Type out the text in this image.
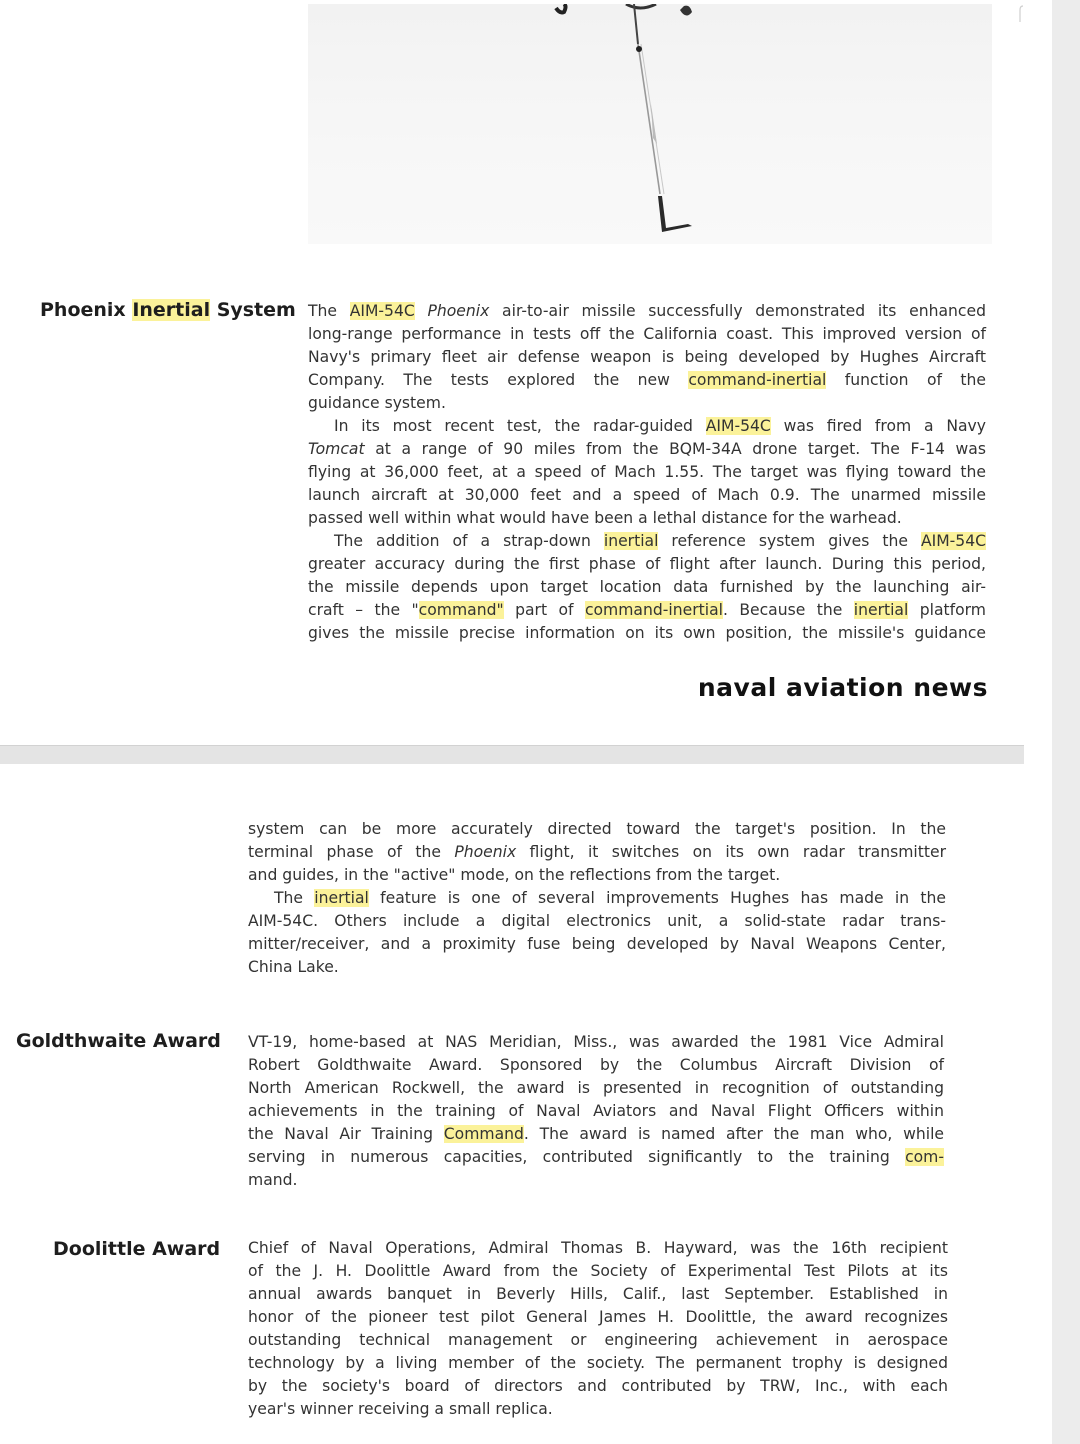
Phoenix Inertial System The AIM-54C Phoenix air-to-air missile successfully demonstrated its enhanced
long-range performance in tests off the California coast. This improved version of
Navy's primary fleet air defense weapon is being developed by Hughes Aircraft
Company. The tests explored the new command-inertial function of the
guidance system.
In its most recent test, the radar-guided AIM-54C was fired from a Navy
Tomcat at a range of 90 miles from the BQM-34A drone target. The F-14 was
flying at 36,000 feet, at a speed of Mach 1.55. The target was flying toward the
launch aircraft at 30,000 feet and a speed of Mach 0.9. The unarmed missile
passed well within what would have been a lethal distance for the warhead.
The addition of a strap-down inertial reference system gives the AIM-54C
greater accuracy during the first phase of flight after launch. During this period,
the missile depends upon target location data furnished by the launching air-
craft – the "command" part of command-inertial. Because the inertial platform
gives the missile precise information on its own position, the missile's guidance
naval aviation news
system can be more accurately directed toward the target's position. In the
terminal phase of the Phoenix flight, it switches on its own radar transmitter
and guides, in the "active" mode, on the reflections from the target.
The inertial feature is one of several improvements Hughes has made in the
AIM-54C. Others include a digital electronics unit, a solid-state radar trans-
mitter/receiver, and a proximity fuse being developed by Naval Weapons Center,
China Lake.
Goldthwaite Award VT-19, home-based at NAS Meridian, Miss., was awarded the 1981 Vice Admiral
Robert Goldthwaite Award. Sponsored by the Columbus Aircraft Division of
North American Rockwell, the award is presented in recognition of outstanding
achievements in the training of Naval Aviators and Naval Flight Officers within
the Naval Air Training Command. The award is named after the man who, while
serving in numerous capacities, contributed significantly to the training com-
mand.
Doolittle Award Chief of Naval Operations, Admiral Thomas B. Hayward, was the 16th recipient
of the J. H. Doolittle Award from the Society of Experimental Test Pilots at its
annual awards banquet in Beverly Hills, Calif., last September. Established in
honor of the pioneer test pilot General James H. Doolittle, the award recognizes
outstanding technical management or engineering achievement in aerospace
technology by a living member of the society. The permanent trophy is designed
by the society's board of directors and contributed by TRW, Inc., with each
year's winner receiving a small replica.
